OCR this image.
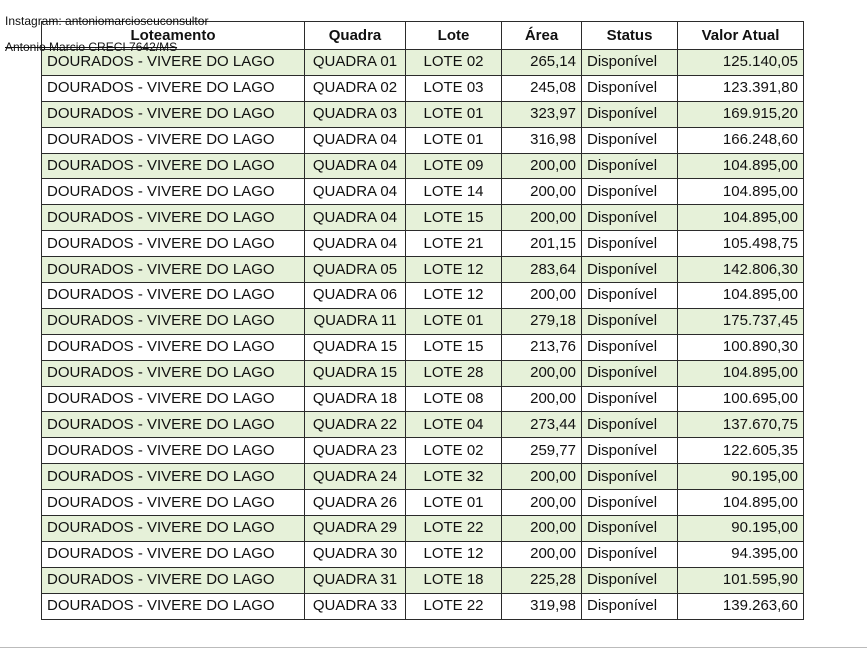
Instagram: antoniomarcioseuconsultor
Antonio Marcio CRECI 7642/MS
Loteamento	Quadra	Lote	Área	Status	Valor Atual
DOURADOS - VIVERE DO LAGO	QUADRA 01	LOTE 02	265,14	Disponível	125.140,05
DOURADOS - VIVERE DO LAGO	QUADRA 02	LOTE 03	245,08	Disponível	123.391,80
DOURADOS - VIVERE DO LAGO	QUADRA 03	LOTE 01	323,97	Disponível	169.915,20
DOURADOS - VIVERE DO LAGO	QUADRA 04	LOTE 01	316,98	Disponível	166.248,60
DOURADOS - VIVERE DO LAGO	QUADRA 04	LOTE 09	200,00	Disponível	104.895,00
DOURADOS - VIVERE DO LAGO	QUADRA 04	LOTE 14	200,00	Disponível	104.895,00
DOURADOS - VIVERE DO LAGO	QUADRA 04	LOTE 15	200,00	Disponível	104.895,00
DOURADOS - VIVERE DO LAGO	QUADRA 04	LOTE 21	201,15	Disponível	105.498,75
DOURADOS - VIVERE DO LAGO	QUADRA 05	LOTE 12	283,64	Disponível	142.806,30
DOURADOS - VIVERE DO LAGO	QUADRA 06	LOTE 12	200,00	Disponível	104.895,00
DOURADOS - VIVERE DO LAGO	QUADRA 11	LOTE 01	279,18	Disponível	175.737,45
DOURADOS - VIVERE DO LAGO	QUADRA 15	LOTE 15	213,76	Disponível	100.890,30
DOURADOS - VIVERE DO LAGO	QUADRA 15	LOTE 28	200,00	Disponível	104.895,00
DOURADOS - VIVERE DO LAGO	QUADRA 18	LOTE 08	200,00	Disponível	100.695,00
DOURADOS - VIVERE DO LAGO	QUADRA 22	LOTE 04	273,44	Disponível	137.670,75
DOURADOS - VIVERE DO LAGO	QUADRA 23	LOTE 02	259,77	Disponível	122.605,35
DOURADOS - VIVERE DO LAGO	QUADRA 24	LOTE 32	200,00	Disponível	90.195,00
DOURADOS - VIVERE DO LAGO	QUADRA 26	LOTE 01	200,00	Disponível	104.895,00
DOURADOS - VIVERE DO LAGO	QUADRA 29	LOTE 22	200,00	Disponível	90.195,00
DOURADOS - VIVERE DO LAGO	QUADRA 30	LOTE 12	200,00	Disponível	94.395,00
DOURADOS - VIVERE DO LAGO	QUADRA 31	LOTE 18	225,28	Disponível	101.595,90
DOURADOS - VIVERE DO LAGO	QUADRA 33	LOTE 22	319,98	Disponível	139.263,60
